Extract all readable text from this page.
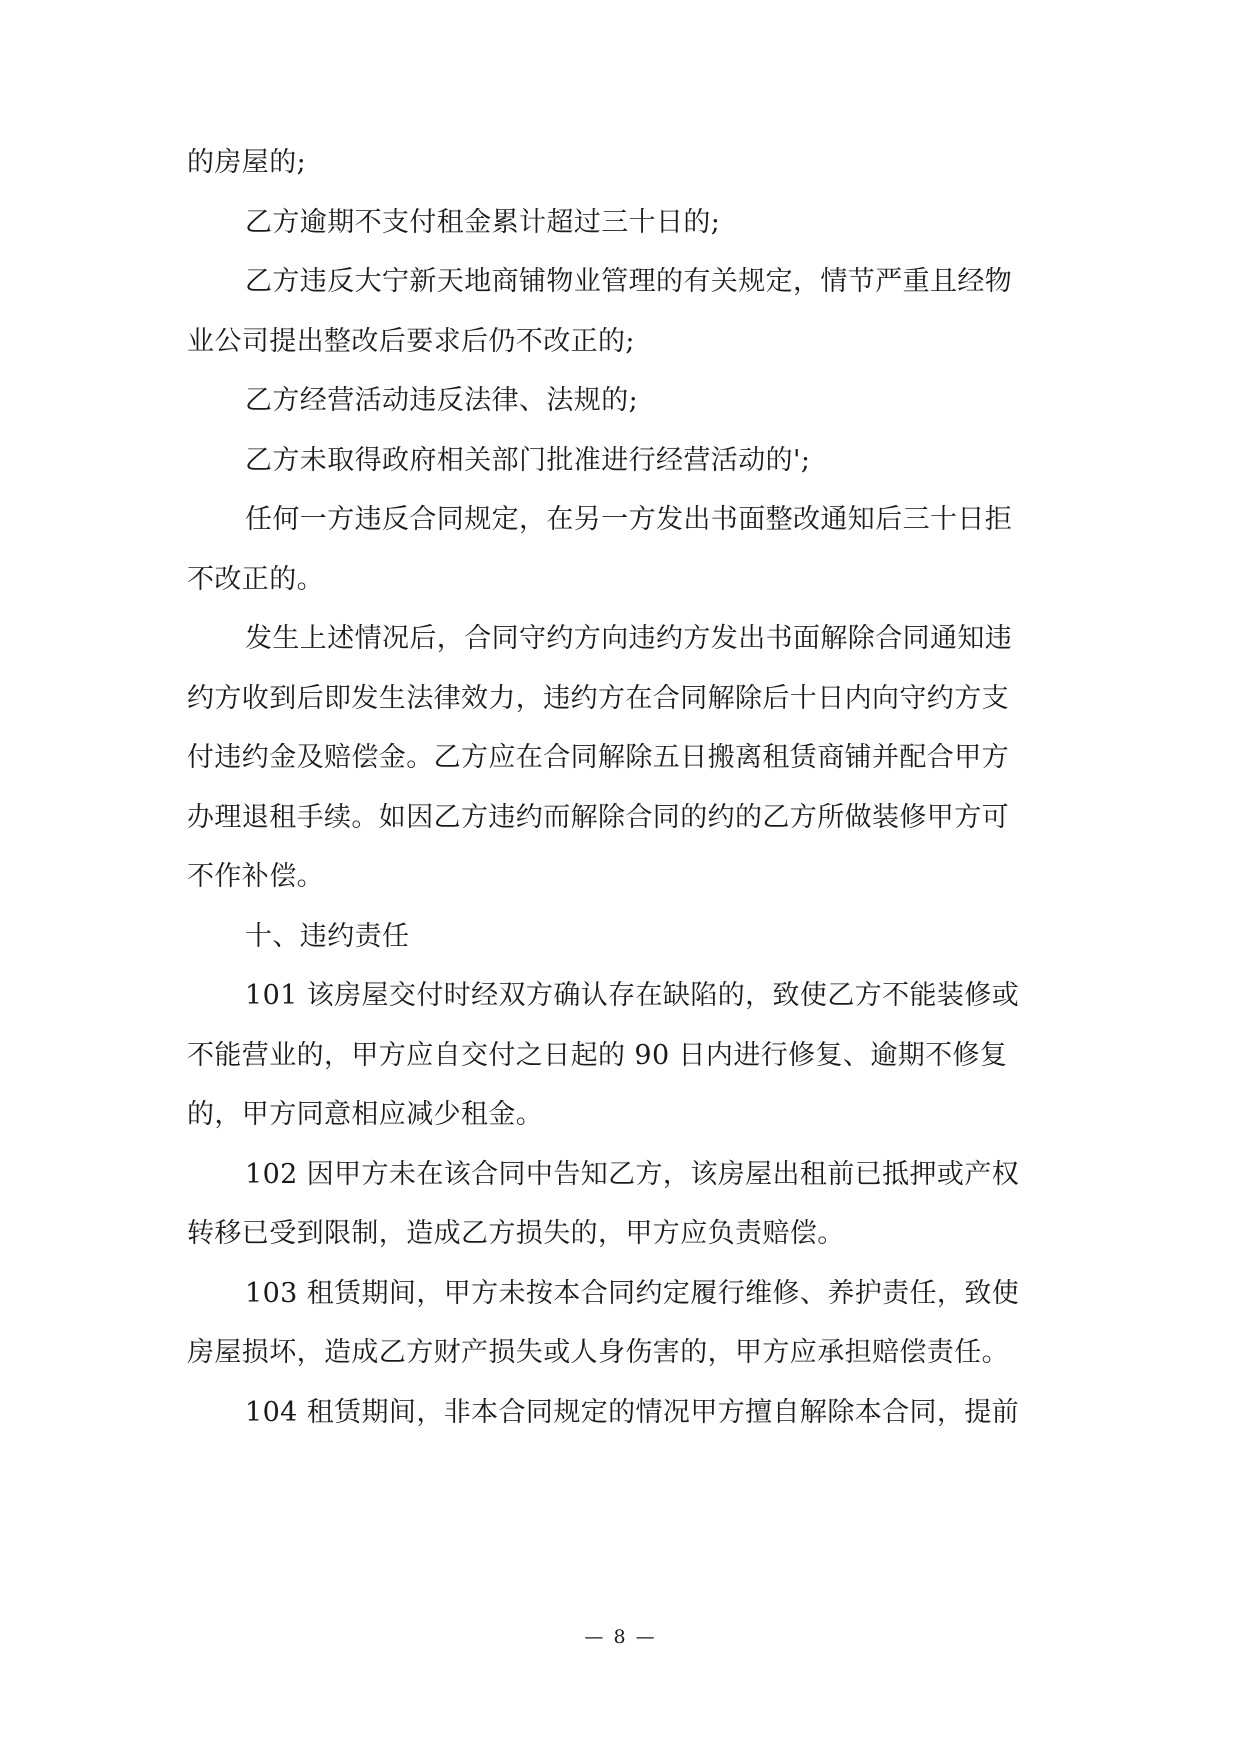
的房屋的;
乙方逾期不支付租金累计超过三十日的;
乙方违反大宁新天地商铺物业管理的有关规定，情节严重且经物
业公司提出整改后要求后仍不改正的;
乙方经营活动违反法律、法规的;
乙方未取得政府相关部门批准进行经营活动的';
任何一方违反合同规定，在另一方发出书面整改通知后三十日拒
不改正的。
发生上述情况后，合同守约方向违约方发出书面解除合同通知违
约方收到后即发生法律效力，违约方在合同解除后十日内向守约方支
付违约金及赔偿金。乙方应在合同解除五日搬离租赁商铺并配合甲方
办理退租手续。如因乙方违约而解除合同的约的乙方所做装修甲方可
不作补偿。
十、违约责任
101 该房屋交付时经双方确认存在缺陷的，致使乙方不能装修或
不能营业的，甲方应自交付之日起的 90 日内进行修复、逾期不修复
的，甲方同意相应减少租金。
102 因甲方未在该合同中告知乙方，该房屋出租前已抵押或产权
转移已受到限制，造成乙方损失的，甲方应负责赔偿。
103 租赁期间，甲方未按本合同约定履行维修、养护责任，致使
房屋损坏，造成乙方财产损失或人身伤害的，甲方应承担赔偿责任。
104 租赁期间，非本合同规定的情况甲方擅自解除本合同，提前
— 8 —
